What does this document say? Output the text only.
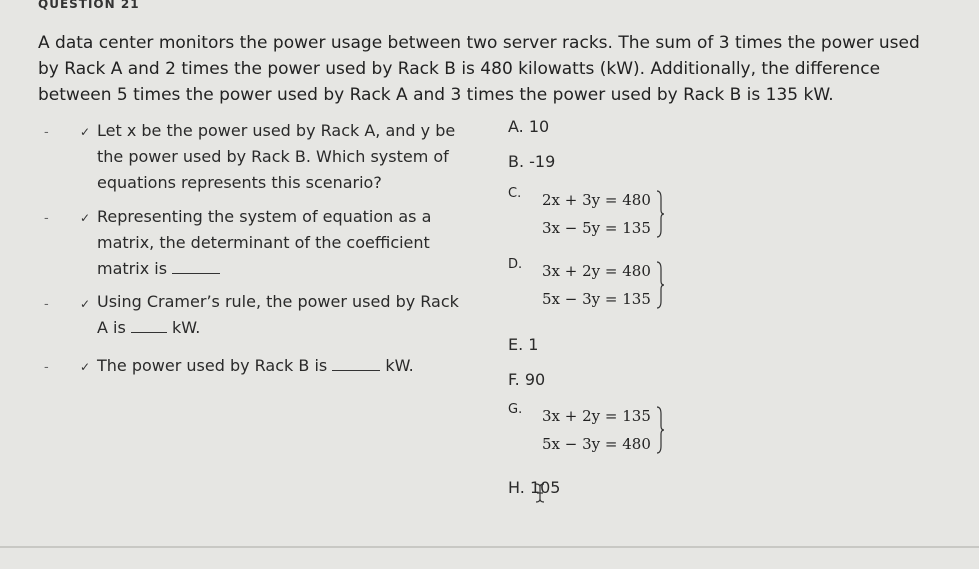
QUESTION 21
A data center monitors the power usage between two server racks. The sum of 3 times the power used
by Rack A and 2 times the power used by Rack B is 480 kilowatts (kW). Additionally, the difference
between 5 times the power used by Rack A and 3 times the power used by Rack B is 135 kW.
-	✓ Let x be the power used by Rack A, and y be
the power used by Rack B. Which system of
equations represents this scenario?
-	✓ Representing the system of equation as a
matrix, the determinant of the coefficient
matrix is
-	✓ Using Cramer’s rule, the power used by Rack
A is	kW.
-	✓ The power used by Rack B is	kW.
A. 10
B. -19
C. 2x + 3y = 480
3x − 5y = 135
D. 3x + 2y = 480
5x − 3y = 135
E. 1
F. 90
G. 3x + 2y = 135
5x − 3y = 480
H. 105
